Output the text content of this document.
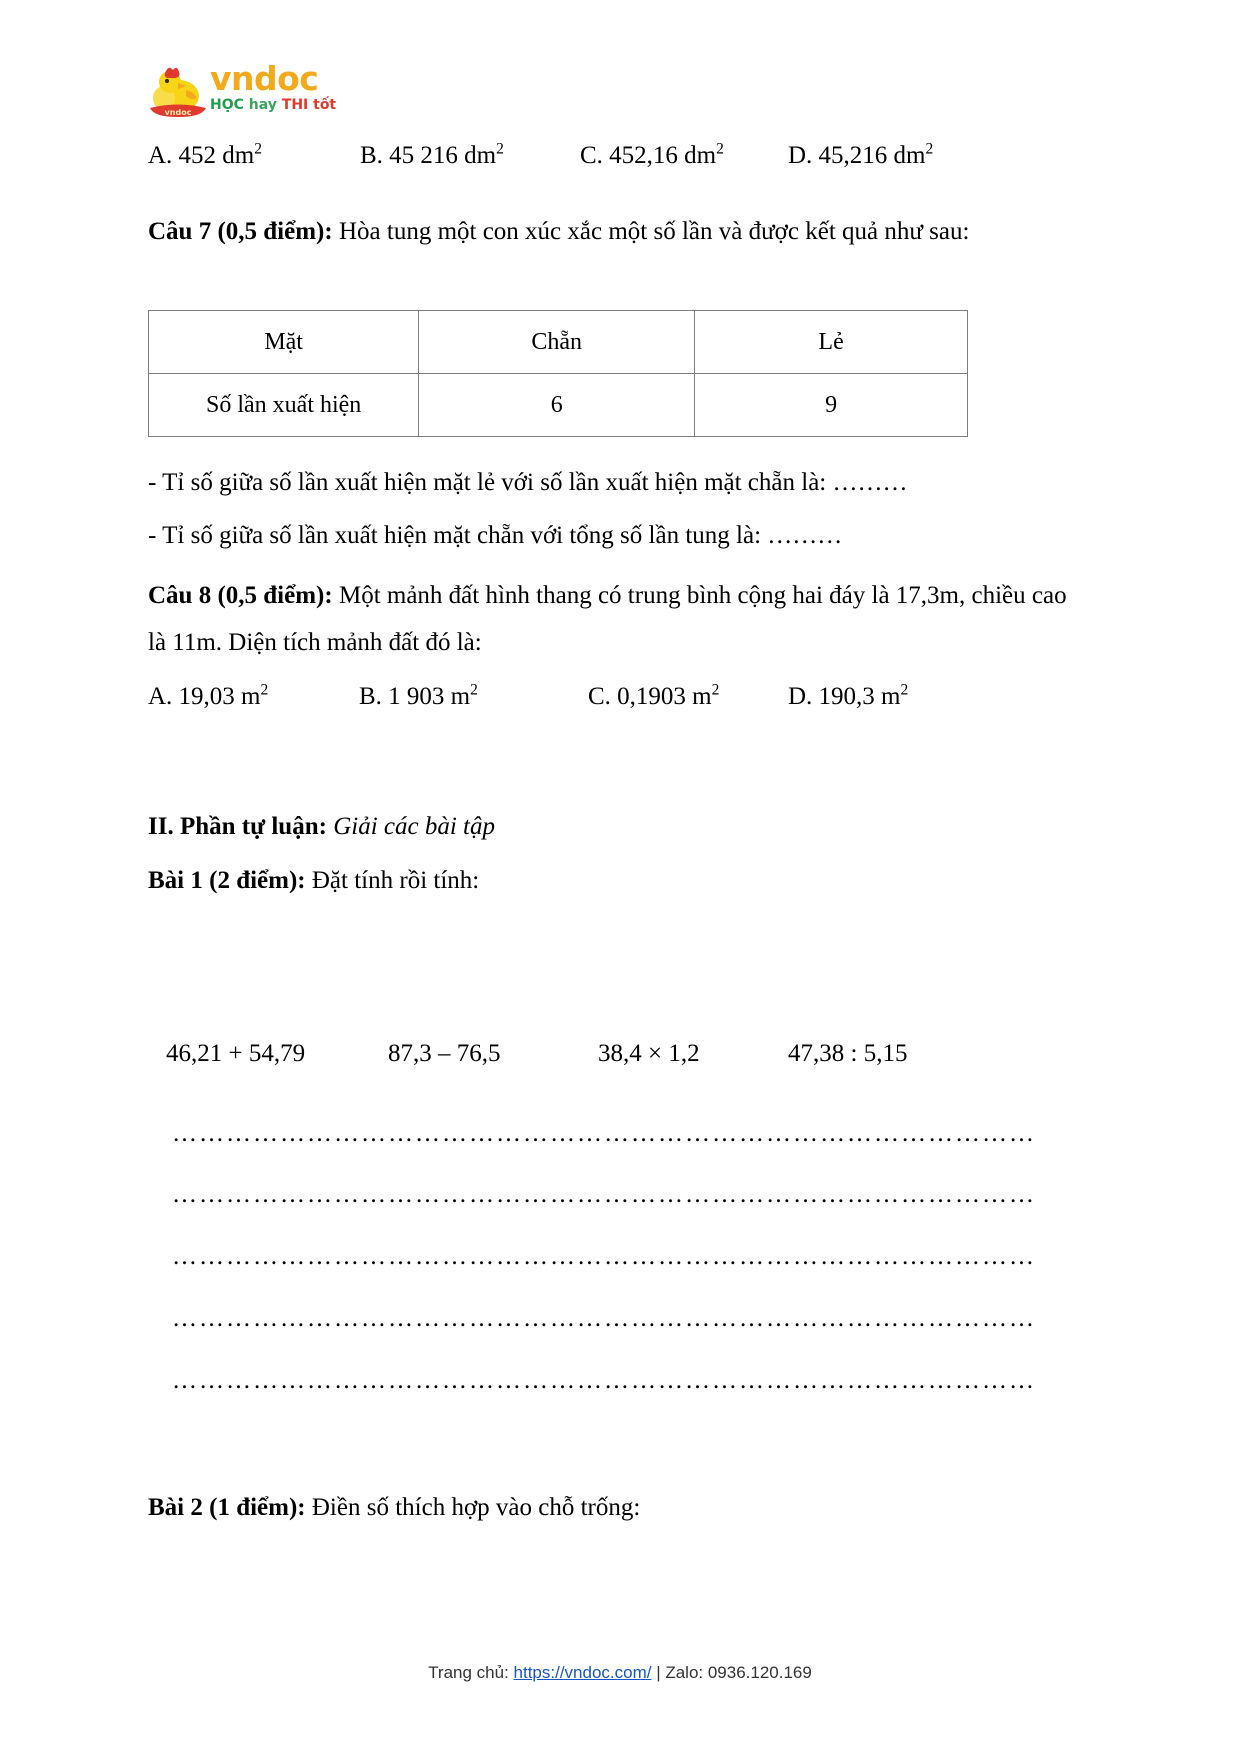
vndoc
vndoc
HỌC hay THI tốt
A. 452 $dm^2$	B. 45 216 $dm^2$	C. 452,16 $dm^2$	D. 45,216 $dm^2$
Câu 7 (0,5 điểm): Hòa tung một con xúc xắc một số lần và được kết quả như sau:
Mặt	Chẵn	Lẻ
Số lần xuất hiện	6	9
- Tỉ số giữa số lần xuất hiện mặt lẻ với số lần xuất hiện mặt chẵn là: ………
- Tỉ số giữa số lần xuất hiện mặt chẵn với tổng số lần tung là: ………
Câu 8 (0,5 điểm): Một mảnh đất hình thang có trung bình cộng hai đáy là 17,3m, chiều cao là 11m. Diện tích mảnh đất đó là:
A. 19,03 $m^2$	B. 1 903 $m^2$	C. 0,1903 $m^2$	D. 190,3 $m^2$
II. Phần tự luận: Giải các bài tập
Bài 1 (2 điểm): Đặt tính rồi tính:
46,21 + 54,79	87,3 – 76,5	38,4 × 1,2	47,38 : 5,15
……………………………………………………………………………………
……………………………………………………………………………………
……………………………………………………………………………………
……………………………………………………………………………………
……………………………………………………………………………………
Bài 2 (1 điểm): Điền số thích hợp vào chỗ trống:
Trang chủ: https://vndoc.com/ | Zalo: 0936.120.169
